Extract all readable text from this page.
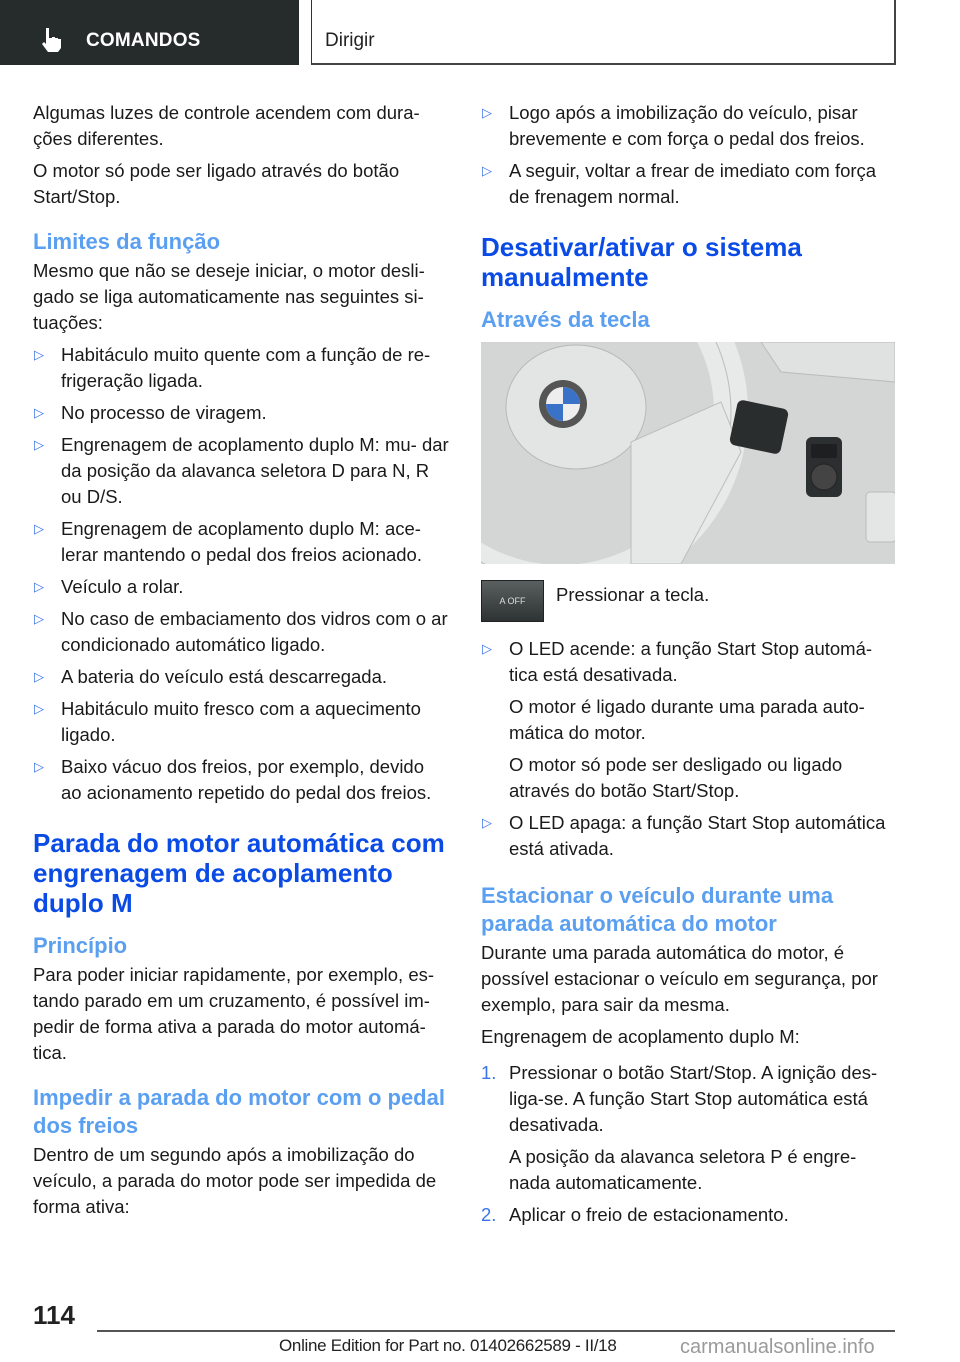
COMANDOS	Dirigir

Algumas luzes de controle acendem com dura- ções diferentes.

O motor só pode ser ligado através do botão Start/Stop.

Limites da função

Mesmo que não se deseje iniciar, o motor desli- gado se liga automaticamente nas seguintes si- tuações:

▷ Habitáculo muito quente com a função de re- frigeração ligada.
▷ No processo de viragem.
▷ Engrenagem de acoplamento duplo M: mu- dar da posição da alavanca seletora D para N, R ou D/S.
▷ Engrenagem de acoplamento duplo M: ace- lerar mantendo o pedal dos freios acionado.
▷ Veículo a rolar.
▷ No caso de embaciamento dos vidros com o ar condicionado automático ligado.
▷ A bateria do veículo está descarregada.
▷ Habitáculo muito fresco com a aquecimento ligado.
▷ Baixo vácuo dos freios, por exemplo, devido ao acionamento repetido do pedal dos freios.
Parada do motor automática com engrenagem de acoplamento duplo M
Princípio

Para poder iniciar rapidamente, por exemplo, es- tando parado em um cruzamento, é possível im- pedir de forma ativa a parada do motor automá- tica.

Impedir a parada do motor com o pedal dos freios

Dentro de um segundo após a imobilização do veículo, a parada do motor pode ser impedida de forma ativa:

▷ Logo após a imobilização do veículo, pisar brevemente e com força o pedal dos freios.
▷ A seguir, voltar a frear de imediato com força de frenagem normal.
Desativar/ativar o sistema manualmente
Através da tecla
A OFF Pressionar a tecla.
▷ O LED acende: a função Start Stop automá- tica está desativada.
O motor é ligado durante uma parada auto- mática do motor.
O motor só pode ser desligado ou ligado através do botão Start/Stop.
▷ O LED apaga: a função Start Stop automática está ativada.
Estacionar o veículo durante uma parada automática do motor

Durante uma parada automática do motor, é possível estacionar o veículo em segurança, por exemplo, para sair da mesma.

Engrenagem de acoplamento duplo M:

1. Pressionar o botão Start/Stop. A ignição des- liga-se. A função Start Stop automática está desativada.
A posição da alavanca seletora P é engre- nada automaticamente.
2. Aplicar o freio de estacionamento.
114
Online Edition for Part no. 01402662589 - II/18	carmanualsonline.info
